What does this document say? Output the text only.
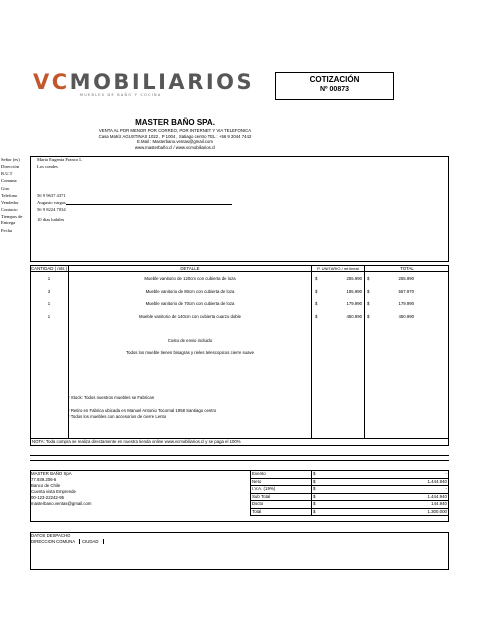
VCMOBILIARIOS
MUEBLES DE BAÑO Y COCINA
COTIZACIÓN
Nº 00873
MASTER BAÑO SPA.
VENTA AL POR MENOR POR CORREO, POR INTERNET Y VIA TELEFONICA
Casa Matriz AGUSTINAS 1022 , P 1004 , Satiago centro TEL : +56 9 2044 7442
E.Mail : Masterbano.ventas@gmail.com
www.masterbaño.cl / www.vcmobiliarios.cl
Señor (es)	Maria Eugenia Franco L
Dirección	Los condes
R.U.T
Comuna
Giro
Telefono	56 9 9637 4371
Vendedor	Augusto vargas
Contacto	56 9 8224 7034
Tiempos de
10 dias habiles
Entrega
Fecha
CANTIDAD ( mts )	DETALLE	P. UNITARIO / mt lineal	TOTAL
1	Mueble vanitorio de 120cm con cubierta de loza	$	255.990 $	255.990
3	Mueble vanitorio de 80cm con cubierta de loza	$	185.990 $	557.970
1	Mueble vanitorio de 70cm con cubierta de loza	$	179.990 $	179.990
1	Mueble vanitorio de 140cm con cubierta cuarzo doble	$	450.990 $	450.990
Costo de envio incluido
Todos los mueble tienen bisagras y rieles telescopicos cierre suave
* Stock: Todos nuestros muebles se Fabrican
* Retiro en Fabrica ubicada en Manuel Antonio Tocornal 1958 Santiago centro
* Todos los muebles con accesorios de cierre Lento
NOTA: Toda compra se realiza directamente en nuestra tienda online www.vcmobiliarios.cl y se paga el 100%
MASTER BAÑO SpA
77.939.206-6
Banco de Chile
Cuenta vista Emprende
00-123-22242-95
masterbano.ventas@gmail.com
Exento	$	-
Neto	$	1.444.940
I.V.A. (19%)	$	-
Sub Total	$	1.444.940
Dscto	$	144.940
Total	$	1.300.000
DATOS DESPACHO
DIRECCION COMUNA CIUDAD
